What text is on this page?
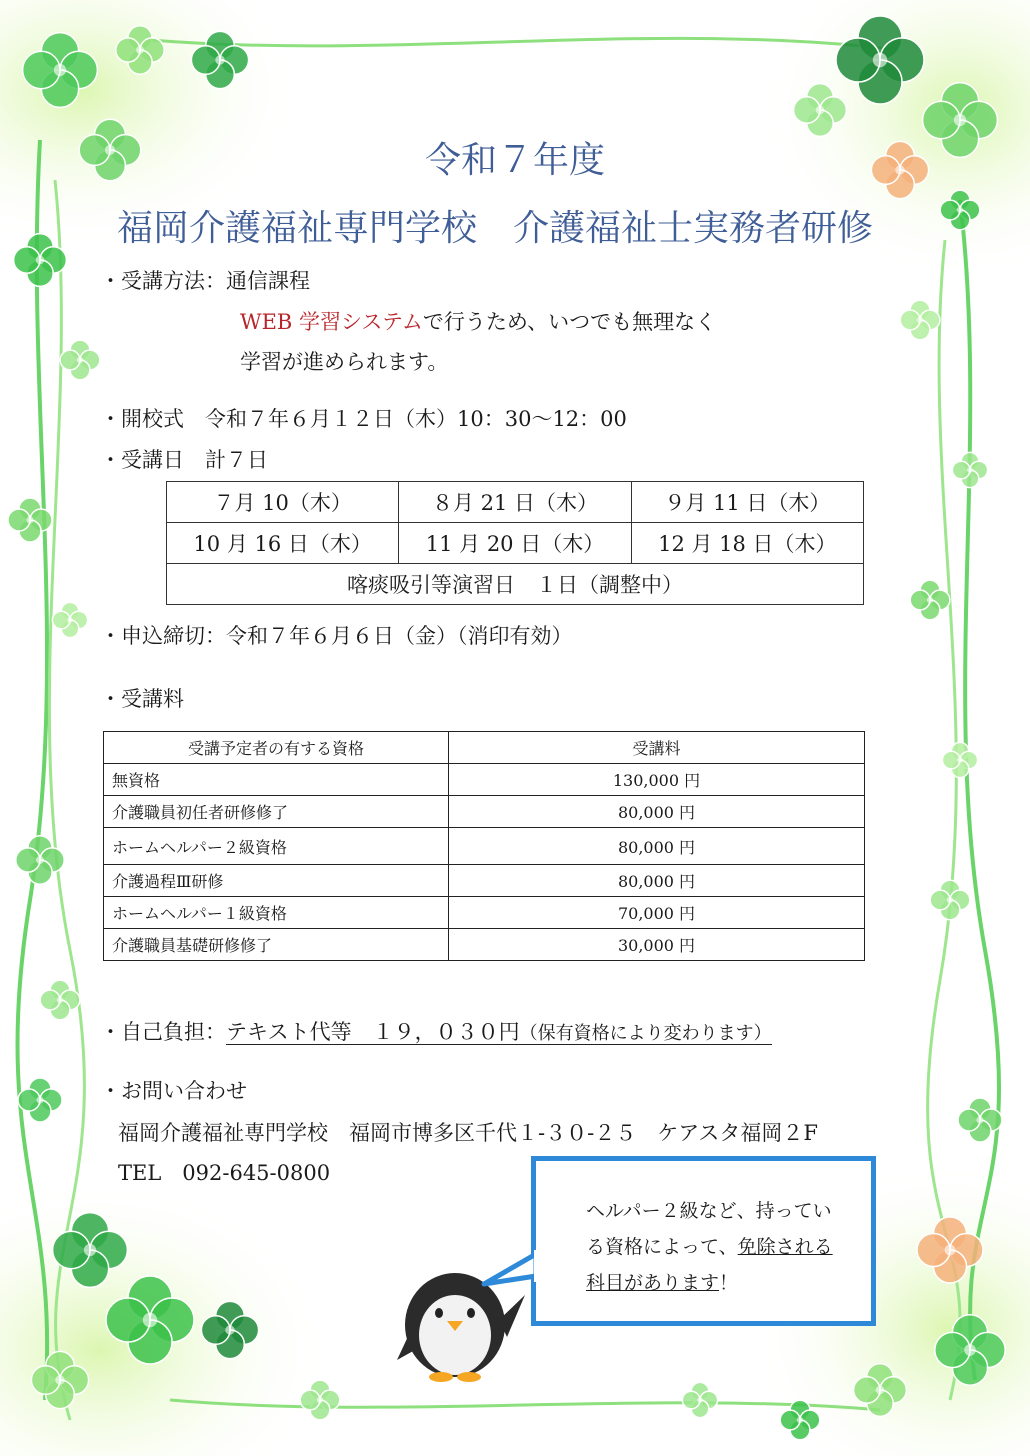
令和７年度
福岡介護福祉専門学校　介護福祉士実務者研修
・受講方法：通信課程
WEB 学習システムで行うため、いつでも無理なく
学習が進められます。
・開校式　令和７年６月１２日（木）10：30〜12：00
・受講日　計７日
７月 10（木）	８月 21 日（木）	９月 11 日（木）
10 月 16 日（木）	11 月 20 日（木）	12 月 18 日（木）
喀痰吸引等演習日　１日（調整中）		
・申込締切：令和７年６月６日（金）（消印有効）
・受講料
受講予定者の有する資格	受講料
無資格	130,000 円
介護職員初任者研修修了	80,000 円
ホームヘルパー２級資格	80,000 円
介護過程Ⅲ研修	80,000 円
ホームヘルパー１級資格	70,000 円
介護職員基礎研修修了	30,000 円
・自己負担：テキスト代等　１９，０３０円（保有資格により変わります）
・お問い合わせ
福岡介護福祉専門学校　福岡市博多区千代１-３０-２５　ケアスタ福岡２F
TEL　092-645-0800
ヘルパー２級など、持ってい
る資格によって、免除される
科目があります！
